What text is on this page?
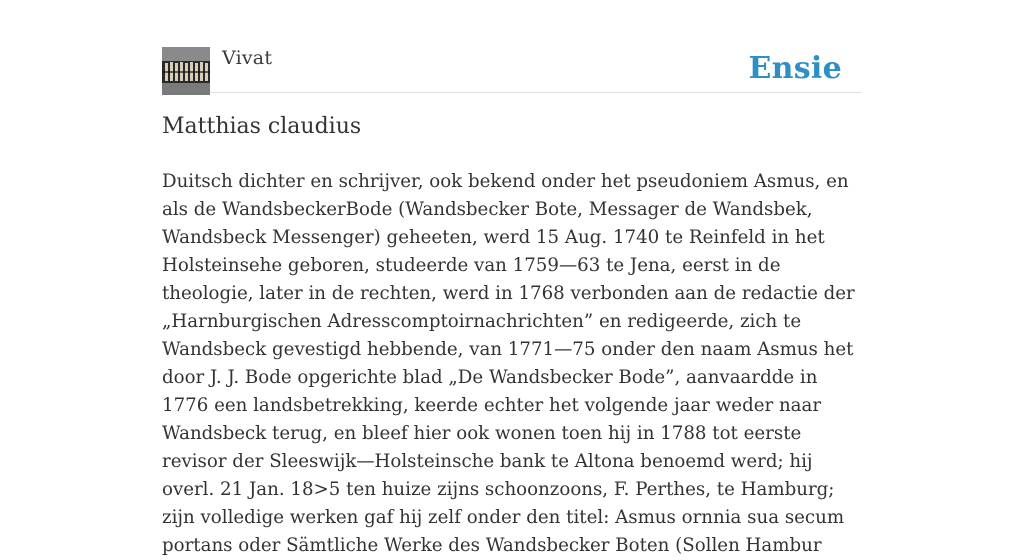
Vivat	Ensie
Matthias claudius

Duitsch dichter en schrijver, ook bekend onder het pseudoniem Asmus, en als de WandsbeckerBode (Wandsbecker Bote, Messager de Wandsbek, Wandsbeck Messenger) geheeten, werd 15 Aug. 1740 te Reinfeld in het Holsteinsehe geboren, studeerde van 1759—63 te Jena, eerst in de theologie, later in de rechten, werd in 1768 verbonden aan de redactie der „Harnburgischen Adresscomptoirnachrichten” en redigeerde, zich te Wandsbeck gevestigd hebbende, van 1771—75 onder den naam Asmus het door J. J. Bode opgerichte blad „De Wandsbecker Bode”, aanvaardde in 1776 een landsbetrekking, keerde echter het volgende jaar weder naar Wandsbeck terug, en bleef hier ook wonen toen hij in 1788 tot eerste revisor der Sleeswijk—Holsteinsche bank te Altona benoemd werd; hij overl. 21 Jan. 18>5 ten huize zijns schoonzoons, F. Perthes, te Hamburg; zijn volledige werken gaf hij zelf onder den titel: Asmus ornnia sua secum portans oder Sämtliche Werke des Wandsbecker Boten (Sollen Hambur
